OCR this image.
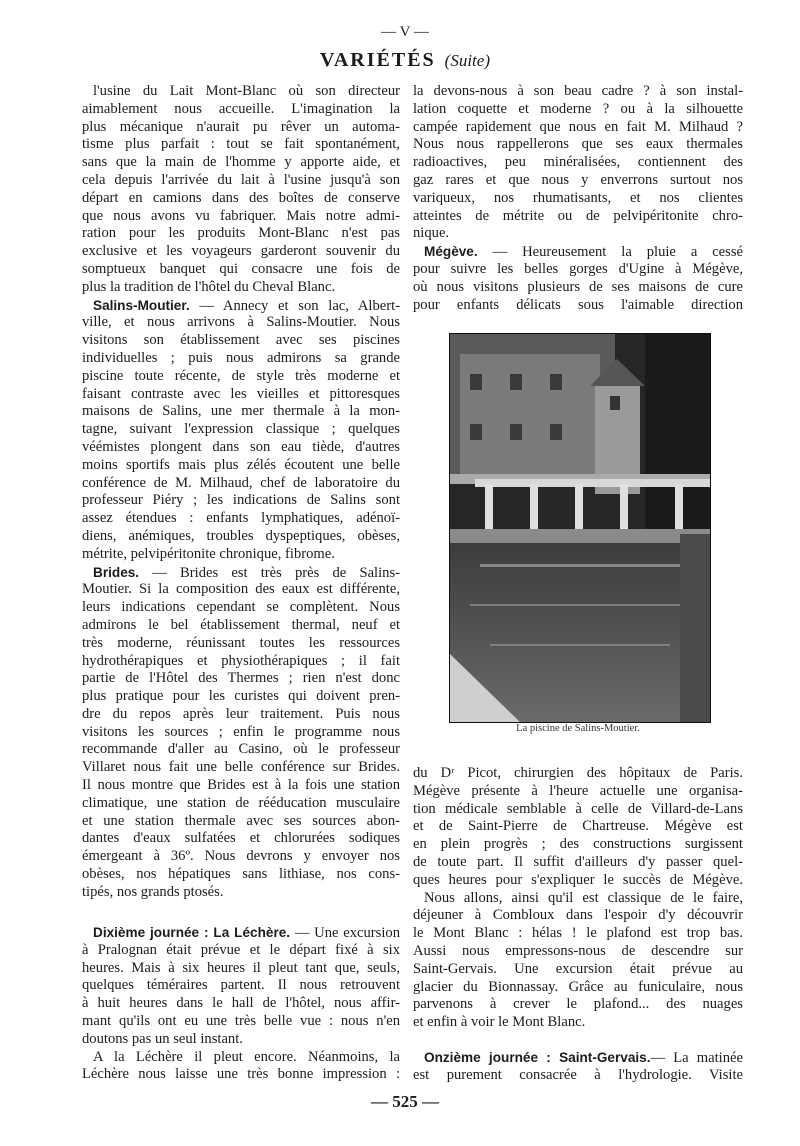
— V —
VARIÉTÉS (Suite)
l'usine du Lait Mont-Blanc où son directeur
aimablement nous accueille. L'imagination la
plus mécanique n'aurait pu rêver un automa-
tisme plus parfait : tout se fait spontanément,
sans que la main de l'homme y apporte aide, et
cela depuis l'arrivée du lait à l'usine jusqu'à son
départ en camions dans des boîtes de conserve
que nous avons vu fabriquer. Mais notre admi-
ration pour les produits Mont-Blanc n'est pas
exclusive et les voyageurs garderont souvenir du
somptueux banquet qui consacre une fois de
plus la tradition de l'hôtel du Cheval Blanc.
Salins-Moutier. — Annecy et son lac, Albert-
ville, et nous arrivons à Salins-Moutier. Nous
visitons son établissement avec ses piscines
individuelles ; puis nous admirons sa grande
piscine toute récente, de style très moderne et
faisant contraste avec les vieilles et pittoresques
maisons de Salins, une mer thermale à la mon-
tagne, suivant l'expression classique ; quelques
véémistes plongent dans son eau tiède, d'autres
moins sportifs mais plus zélés écoutent une belle
conférence de M. Milhaud, chef de laboratoire du
professeur Piéry ; les indications de Salins sont
assez étendues : enfants lymphatiques, adénoï-
diens, anémiques, troubles dyspeptiques, obèses,
métrite, pelvipéritonite chronique, fibrome.
Brides. — Brides est très près de Salins-
Moutier. Si la composition des eaux est différente,
leurs indications cependant se complètent. Nous
admirons le bel établissement thermal, neuf et
très moderne, réunissant toutes les ressources
hydrothérapiques et physiothérapiques ; il fait
partie de l'Hôtel des Thermes ; rien n'est donc
plus pratique pour les curistes qui doivent pren-
dre du repos après leur traitement. Puis nous
visitons les sources ; enfin le programme nous
recommande d'aller au Casino, où le professeur
Villaret nous fait une belle conférence sur Brides.
Il nous montre que Brides est à la fois une station
climatique, une station de rééducation musculaire
et une station thermale avec ses sources abon-
dantes d'eaux sulfatées et chlorurées sodiques
émergeant à 36º. Nous devrons y envoyer nos
obèses, nos hépatiques sans lithiase, nos cons-
tipés, nos grands ptosés.
Dixième journée : La Léchère. — Une excursion
à Pralognan était prévue et le départ fixé à six
heures. Mais à six heures il pleut tant que, seuls,
quelques téméraires partent. Il nous retrouvent
à huit heures dans le hall de l'hôtel, nous affir-
mant qu'ils ont eu une très belle vue : nous n'en
doutons pas un seul instant.
A la Léchère il pleut encore. Néanmoins, la
Léchère nous laisse une très bonne impression :
la devons-nous à son beau cadre ? à son instal-
lation coquette et moderne ? ou à la silhouette
campée rapidement que nous en fait M. Milhaud ?
Nous nous rappellerons que ses eaux thermales
radioactives, peu minéralisées, contiennent des
gaz rares et que nous y enverrons surtout nos
variqueux, nos rhumatisants, et nos clientes
atteintes de métrite ou de pelvipéritonite chro-
nique.
Mégève. — Heureusement la pluie a cessé
pour suivre les belles gorges d'Ugine à Mégève,
où nous visitons plusieurs de ses maisons de cure
pour enfants délicats sous l'aimable direction
La piscine de Salins-Moutier.
du Dʳ Picot, chirurgien des hôpitaux de Paris.
Mégève présente à l'heure actuelle une organisa-
tion médicale semblable à celle de Villard-de-Lans
et de Saint-Pierre de Chartreuse. Mégève est
en plein progrès ; des constructions surgissent
de toute part. Il suffit d'ailleurs d'y passer quel-
ques heures pour s'expliquer le succès de Mégève.
Nous allons, ainsi qu'il est classique de le faire,
déjeuner à Combloux dans l'espoir d'y découvrir
le Mont Blanc : hélas ! le plafond est trop bas.
Aussi nous empressons-nous de descendre sur
Saint-Gervais. Une excursion était prévue au
glacier du Bionnassay. Grâce au funiculaire, nous
parvenons à crever le plafond... des nuages
et enfin à voir le Mont Blanc.
Onzième journée : Saint-Gervais.— La matinée
est purement consacrée à l'hydrologie. Visite
— 525 —
